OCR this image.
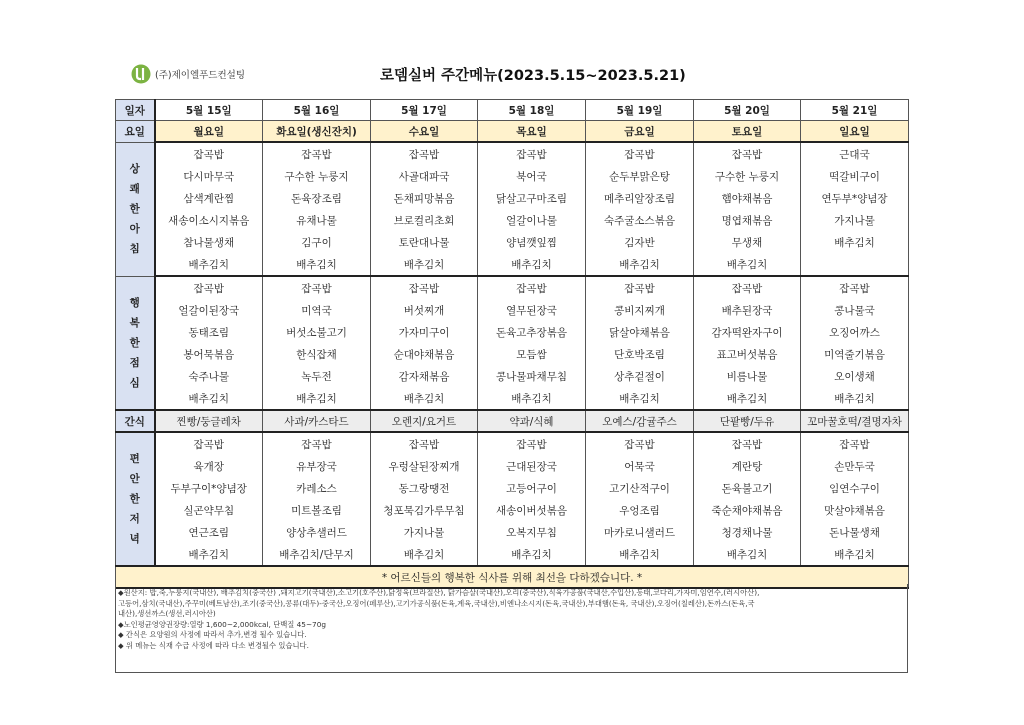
(주)제이엘푸드컨설팅	로뎀실버 주간메뉴(2023.5.15~2023.5.21)
일자	5월 15일	5월 16일	5월 17일	5월 18일	5월 19일	5월 20일	5월 21일
요일	월요일	화요일(생신잔치)	수요일	목요일	금요일	토요일	일요일

상
쾌
한
아
침	잡곡밥	잡곡밥	잡곡밥	잡곡밥	잡곡밥	잡곡밥	근대국
	다시마무국	구수한 누룽지	사골대파국	북어국	순두부맑은탕	구수한 누룽지	떡갈비구이
	삼색계란찜	돈육장조림	돈채피망볶음	닭살고구마조림	메추리알장조림	햄야채볶음	연두부*양념장
	새송이소시지볶음	유채나물	브로컬리초회	얼갈이나물	숙주굴소스볶음	명엽채볶음	가지나물
	참나물생채	김구이	토란대나물	양념깻잎찜	김자반	무생채	배추김치
	배추김치	배추김치	배추김치	배추김치	배추김치	배추김치	

행
복
한
점
심	잡곡밥	잡곡밥	잡곡밥	잡곡밥	잡곡밥	잡곡밥	잡곡밥
	얼갈이된장국	미역국	버섯찌개	열무된장국	콩비지찌개	배추된장국	콩나물국
	동태조림	버섯소불고기	가자미구이	돈육고추장볶음	닭살야채볶음	감자떡완자구이	오징어까스
	봉어묵볶음	한식잡채	순대야채볶음	모듬쌈	단호박조림	표고버섯볶음	미역줄기볶음
	숙주나물	녹두전	감자채볶음	콩나물파채무침	상추겉절이	비름나물	오이생채
	배추김치	배추김치	배추김치	배추김치	배추김치	배추김치	배추김치
간식	찐빵/둥글레차	사과/카스타드	오렌지/요거트	약과/식혜	오예스/감귤주스	단팥빵/두유	꼬마꿀호떡/결명자차

편
안
한
저
녁	잡곡밥	잡곡밥	잡곡밥	잡곡밥	잡곡밥	잡곡밥	잡곡밥
	육개장	유부장국	우렁살된장찌개	근대된장국	어묵국	계란탕	손만두국
	두부구이*양념장	카레소스	동그랑땡전	고등어구이	고기산적구이	돈육불고기	임연수구이
	실곤약무침	미트볼조림	청포묵김가루무침	새송이버섯볶음	우엉조림	죽순채야채볶음	맛살야채볶음
	연근조림	양상추샐러드	가지나물	오복지무침	마카로니샐러드	청경채나물	돈나물생채
	배추김치	배추김치/단무지	배추김치	배추김치	배추김치	배추김치	배추김치
* 어르신들의 행복한 식사를 위해 최선을 다하겠습니다. *							

◆원산지: 밥,죽,누룽지(국내산), 배추김치(중국산) ,돼지고기(국내산),소고기(호주산),닭정육(브라질산), 닭가슴살(국내산),오리(중국산),식육가공품(국내산,수입산),동태,코다리,가자미,임연수,(러시아산),

고등어,삼치(국내산),주꾸미(베트남산),조기(중국산),콩류(대두)-중국산,오징어(페루산),고기가공식품(돈육,계육,국내산),비엔나소시지(돈육,국내산),부대햄(돈육, 국내산),오징어(칠레산),돈까스(돈육,국

내산),생선까스(생선,러시아산)

◆노인평균영양권장량:열량 1,600~2,000kcal, 단백질 45~70g

◆ 간식은 요양원의 사정에 따라서 추가,변경 될수 있습니다.

◆ 위 메뉴는 식재 수급 사정에 따라 다소 변경될수 있습니다.
